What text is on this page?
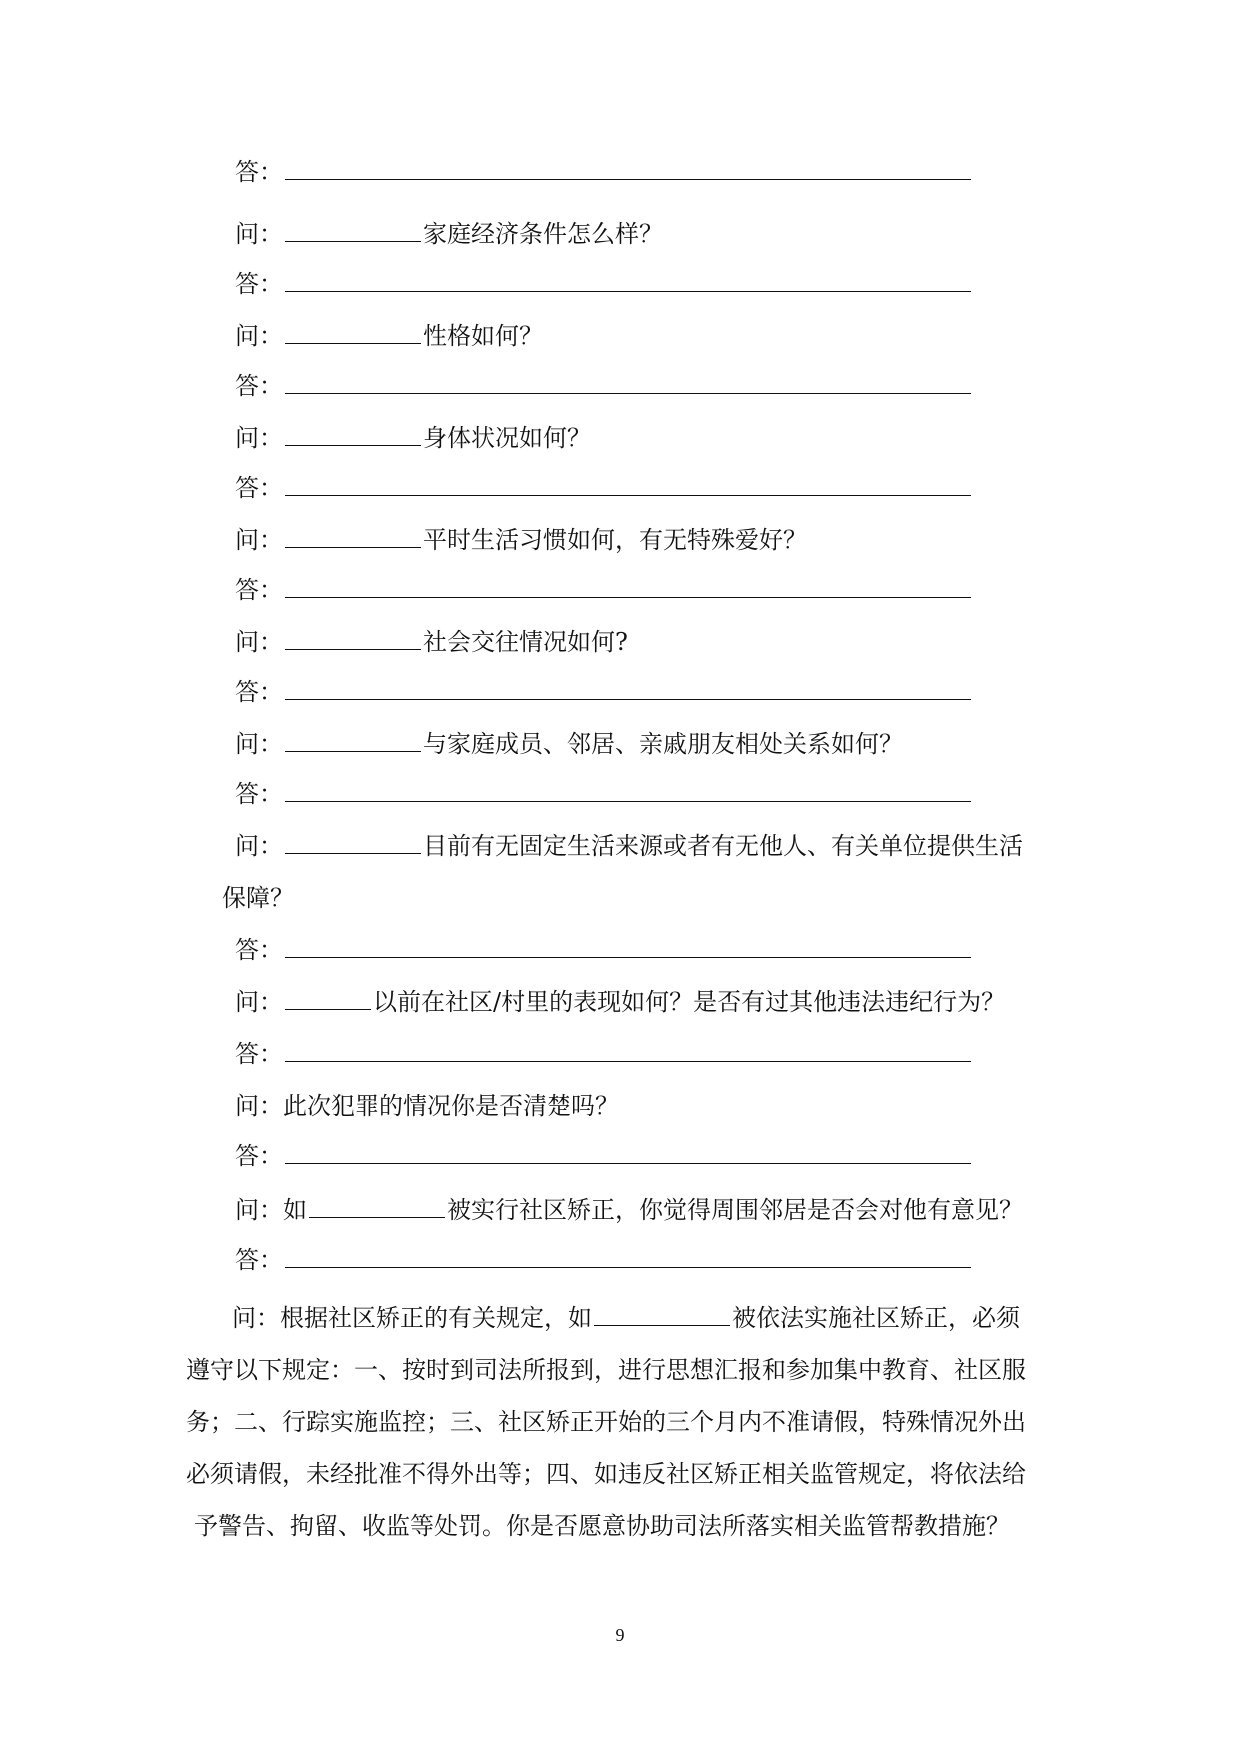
答：
问：	家庭经济条件怎么样？
答：
问：	性格如何？
答：
问：	身体状况如何？
答：
问：	平时生活习惯如何，有无特殊爱好？
答：
问：	社会交往情况如何?
答：
问：	与家庭成员、邻居、亲戚朋友相处关系如何？
答：
问：	目前有无固定生活来源或者有无他人、有关单位提供生活
保障？
答：
问：	以前在社区/村里的表现如何？是否有过其他违法违纪行为？
答：
问：此次犯罪的情况你是否清楚吗？
答：
问：如	被实行社区矫正，你觉得周围邻居是否会对他有意见？
答：
问：根据社区矫正的有关规定，如	被依法实施社区矫正，必须
遵守以下规定：一、按时到司法所报到，进行思想汇报和参加集中教育、社区服
务；二、行踪实施监控；三、社区矫正开始的三个月内不准请假，特殊情况外出
必须请假，未经批准不得外出等；四、如违反社区矫正相关监管规定，将依法给
予警告、拘留、收监等处罚。你是否愿意协助司法所落实相关监管帮教措施？
9
